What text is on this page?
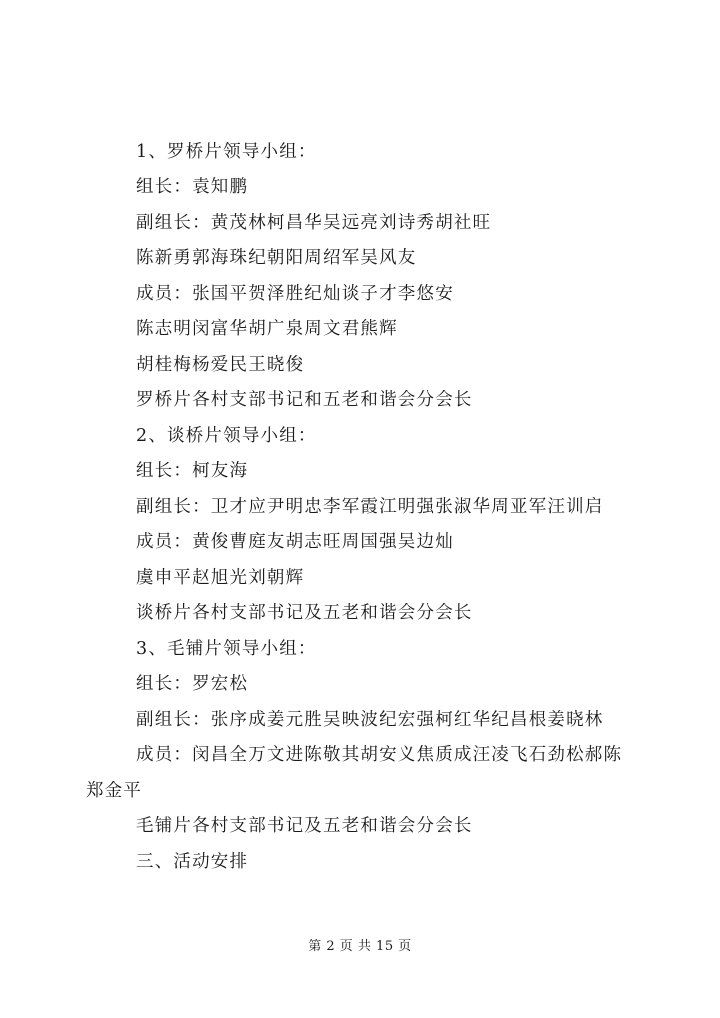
1、罗桥片领导小组：
组长：袁知鹏
副组长：黄茂林柯昌华吴远亮刘诗秀胡社旺
陈新勇郭海珠纪朝阳周绍军吴风友
成员：张国平贺泽胜纪灿谈子才李悠安
陈志明闵富华胡广泉周文君熊辉
胡桂梅杨爱民王晓俊
罗桥片各村支部书记和五老和谐会分会长
2、谈桥片领导小组：
组长：柯友海
副组长：卫才应尹明忠李军霞江明强张淑华周亚军汪训启
成员：黄俊曹庭友胡志旺周国强吴边灿
虞申平赵旭光刘朝辉
谈桥片各村支部书记及五老和谐会分会长
3、毛铺片领导小组：
组长：罗宏松
副组长：张序成姜元胜吴映波纪宏强柯红华纪昌根姜晓林
成员：闵昌全万文进陈敬其胡安义焦质成汪凌飞石劲松郝陈
郑金平
毛铺片各村支部书记及五老和谐会分会长
三、活动安排
第 2 页 共 15 页
